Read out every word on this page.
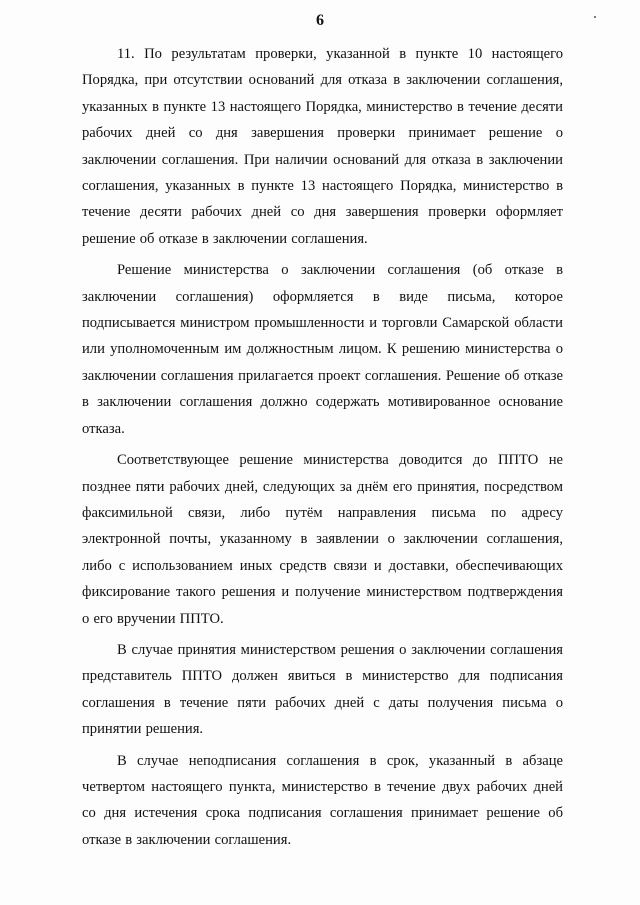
6

11. По результатам проверки, указанной в пункте 10 настоящего Порядка, при отсутствии оснований для отказа в заключении соглашения, указанных в пункте 13 настоящего Порядка, министерство в течение десяти рабочих дней со дня завершения проверки принимает решение о заключении соглашения. При наличии оснований для отказа в заключении соглашения, указанных в пункте 13 настоящего Порядка, министерство в течение десяти рабочих дней со дня завершения проверки оформляет решение об отказе в заключении соглашения.

Решение министерства о заключении соглашения (об отказе в заключении соглашения) оформляется в виде письма, которое подписывается министром промышленности и торговли Самарской области или уполномоченным им должностным лицом. К решению министерства о заключении соглашения прилагается проект соглашения. Решение об отказе в заключении соглашения должно содержать мотивированное основание отказа.

Соответствующее решение министерства доводится до ППТО не позднее пяти рабочих дней, следующих за днём его принятия, посредством факсимильной связи, либо путём направления письма по адресу электронной почты, указанному в заявлении о заключении соглашения, либо с использованием иных средств связи и доставки, обеспечивающих фиксирование такого решения и получение министерством подтверждения о его вручении ППТО.

В случае принятия министерством решения о заключении соглашения представитель ППТО должен явиться в министерство для подписания соглашения в течение пяти рабочих дней с даты получения письма о принятии решения.

В случае неподписания соглашения в срок, указанный в абзаце четвертом настоящего пункта, министерство в течение двух рабочих дней со дня истечения срока подписания соглашения принимает решение об отказе в заключении соглашения.
